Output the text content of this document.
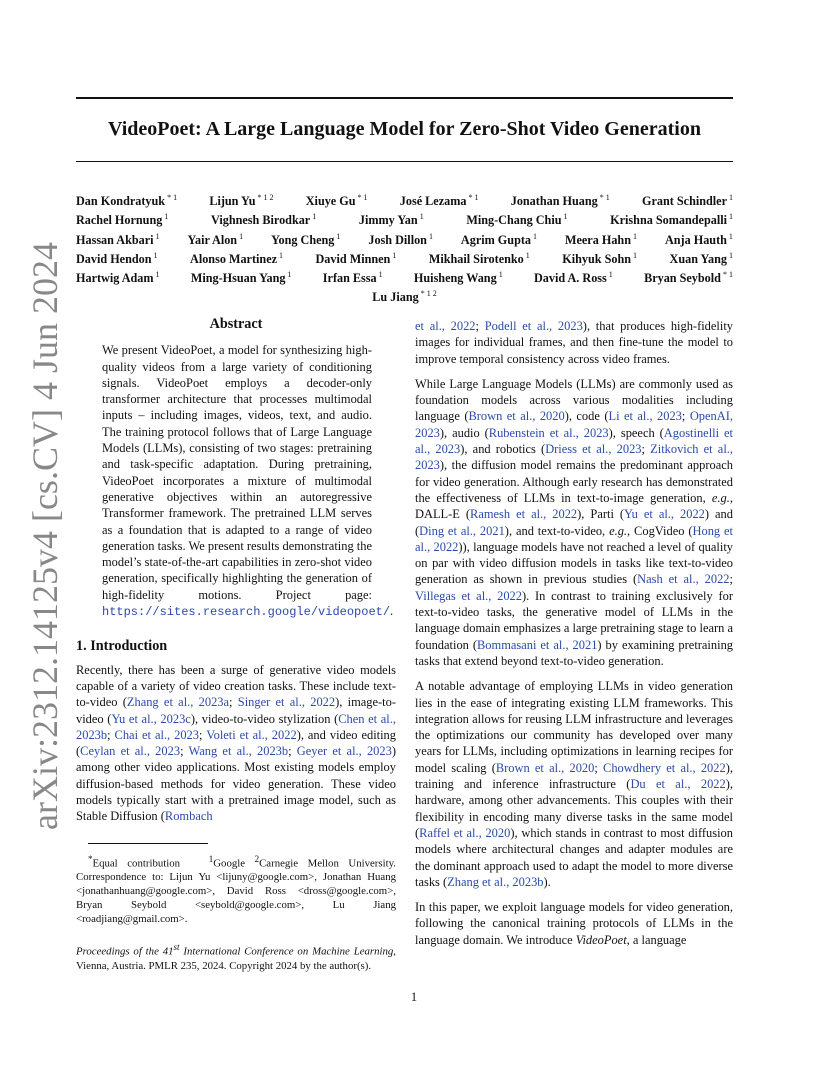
VideoPoet: A Large Language Model for Zero-Shot Video Generation
arXiv:2312.14125v4 [cs.CV] 4 Jun 2024
Dan Kondratyuk $^{* 1}$	Lijun Yu $^{* 1 2}$	Xiuye Gu $^{* 1}$	José Lezama $^{* 1}$	Jonathan Huang $^{* 1}$	Grant Schindler $^1$
Rachel Hornung $^1$	Vighnesh Birodkar $^1$	Jimmy Yan $^1$	Ming-Chang Chiu $^1$	Krishna Somandepalli $^1$
Hassan Akbari $^1$ Yair Alon $^1$ Yong Cheng $^1$ Josh Dillon $^1$ Agrim Gupta $^1$ Meera Hahn $^1$ Anja Hauth $^1$
David Hendon $^1$	Alonso Martinez $^1$	David Minnen $^1$	Mikhail Sirotenko $^1$	Kihyuk Sohn $^1$	Xuan Yang $^1$
Hartwig Adam $^1$	Ming-Hsuan Yang $^1$	Irfan Essa $^1$	Huisheng Wang $^1$	David A. Ross $^1$	Bryan Seybold $^{* 1}$
Lu Jiang $^{* 1 2}$
Abstract
We present VideoPoet, a model for synthesizing high-quality videos from a large variety of conditioning signals. VideoPoet employs a decoder-only transformer architecture that processes multimodal inputs – including images, videos, text, and audio. The training protocol follows that of Large Language Models (LLMs), consisting of two stages: pretraining and task-specific adaptation. During pretraining, VideoPoet incorporates a mixture of multimodal generative objectives within an autoregressive Transformer framework. The pretrained LLM serves as a foundation that is adapted to a range of video generation tasks. We present results demonstrating the model’s state-of-the-art capabilities in zero-shot video generation, specifically highlighting the generation of high-fidelity motions. Project page: https://sites.research.google/videopoet/.
1. Introduction

Recently, there has been a surge of generative video models capable of a variety of video creation tasks. These include text-to-video (Zhang et al., 2023a; Singer et al., 2022), image-to-video (Yu et al., 2023c), video-to-video stylization (Chen et al., 2023b; Chai et al., 2023; Voleti et al., 2022), and video editing (Ceylan et al., 2023; Wang et al., 2023b; Geyer et al., 2023) among other video applications. Most existing models employ diffusion-based methods for video generation. These video models typically start with a pretrained image model, such as Stable Diffusion (Rombach

*Equal contribution	$^1$Google $^2$Carnegie Mellon University. Correspondence to: Lijun Yu <lijuny@google.com>, Jonathan Huang <jonathanhuang@google.com>, David Ross <dross@google.com>, Bryan Seybold <seybold@google.com>, Lu Jiang <roadjiang@gmail.com>.
Proceedings of the 41st International Conference on Machine Learning, Vienna, Austria. PMLR 235, 2024. Copyright 2024 by the author(s).

et al., 2022; Podell et al., 2023), that produces high-fidelity images for individual frames, and then fine-tune the model to improve temporal consistency across video frames.

While Large Language Models (LLMs) are commonly used as foundation models across various modalities including language (Brown et al., 2020), code (Li et al., 2023; OpenAI, 2023), audio (Rubenstein et al., 2023), speech (Agostinelli et al., 2023), and robotics (Driess et al., 2023; Zitkovich et al., 2023), the diffusion model remains the predominant approach for video generation. Although early research has demonstrated the effectiveness of LLMs in text-to-image generation, e.g., DALL-E (Ramesh et al., 2022), Parti (Yu et al., 2022) and (Ding et al., 2021), and text-to-video, e.g., CogVideo (Hong et al., 2022)), language models have not reached a level of quality on par with video diffusion models in tasks like text-to-video generation as shown in previous studies (Nash et al., 2022; Villegas et al., 2022). In contrast to training exclusively for text-to-video tasks, the generative model of LLMs in the language domain emphasizes a large pretraining stage to learn a foundation (Bommasani et al., 2021) by examining pretraining tasks that extend beyond text-to-video generation.

A notable advantage of employing LLMs in video generation lies in the ease of integrating existing LLM frameworks. This integration allows for reusing LLM infrastructure and leverages the optimizations our community has developed over many years for LLMs, including optimizations in learning recipes for model scaling (Brown et al., 2020; Chowdhery et al., 2022), training and inference infrastructure (Du et al., 2022), hardware, among other advancements. This couples with their flexibility in encoding many diverse tasks in the same model (Raffel et al., 2020), which stands in contrast to most diffusion models where architectural changes and adapter modules are the dominant approach used to adapt the model to more diverse tasks (Zhang et al., 2023b).

In this paper, we exploit language models for video generation, following the canonical training protocols of LLMs in the language domain. We introduce VideoPoet, a language

1
